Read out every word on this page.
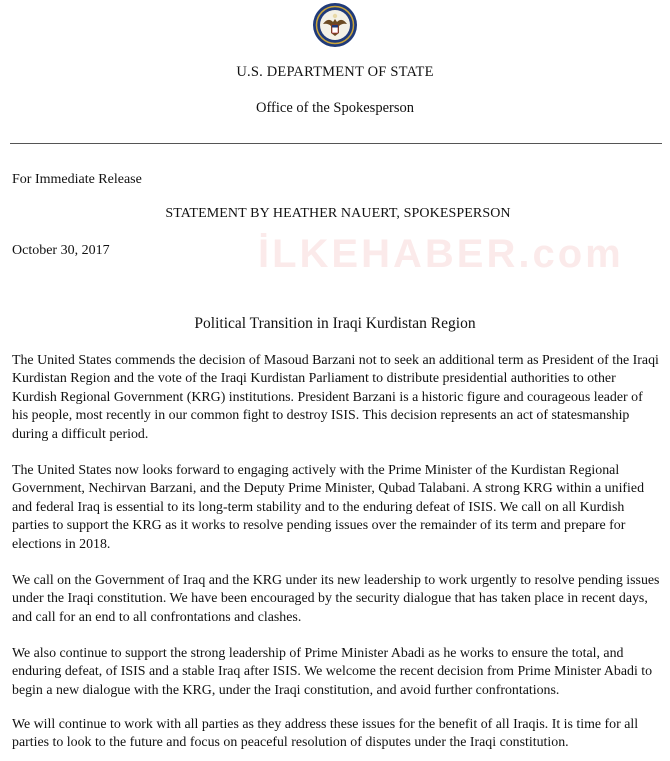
U.S. DEPARTMENT OF STATE
Office of the Spokesperson
For Immediate Release
STATEMENT BY HEATHER NAUERT, SPOKESPERSON
October 30, 2017	İLKEHABER.com
Political Transition in Iraqi Kurdistan Region

The United States commends the decision of Masoud Barzani not to seek an additional term as President of the Iraqi Kurdistan Region and the vote of the Iraqi Kurdistan Parliament to distribute presidential authorities to other Kurdish Regional Government (KRG) institutions. President Barzani is a historic figure and courageous leader of his people, most recently in our common fight to destroy ISIS. This decision represents an act of statesmanship during a difficult period.

The United States now looks forward to engaging actively with the Prime Minister of the Kurdistan Regional Government, Nechirvan Barzani, and the Deputy Prime Minister, Qubad Talabani. A strong KRG within a unified and federal Iraq is essential to its long-term stability and to the enduring defeat of ISIS. We call on all Kurdish parties to support the KRG as it works to resolve pending issues over the remainder of its term and prepare for elections in 2018.

We call on the Government of Iraq and the KRG under its new leadership to work urgently to resolve pending issues under the Iraqi constitution. We have been encouraged by the security dialogue that has taken place in recent days, and call for an end to all confrontations and clashes.

We also continue to support the strong leadership of Prime Minister Abadi as he works to ensure the total, and enduring defeat, of ISIS and a stable Iraq after ISIS. We welcome the recent decision from Prime Minister Abadi to begin a new dialogue with the KRG, under the Iraqi constitution, and avoid further confrontations.

We will continue to work with all parties as they address these issues for the benefit of all Iraqis. It is time for all parties to look to the future and focus on peaceful resolution of disputes under the Iraqi constitution.
